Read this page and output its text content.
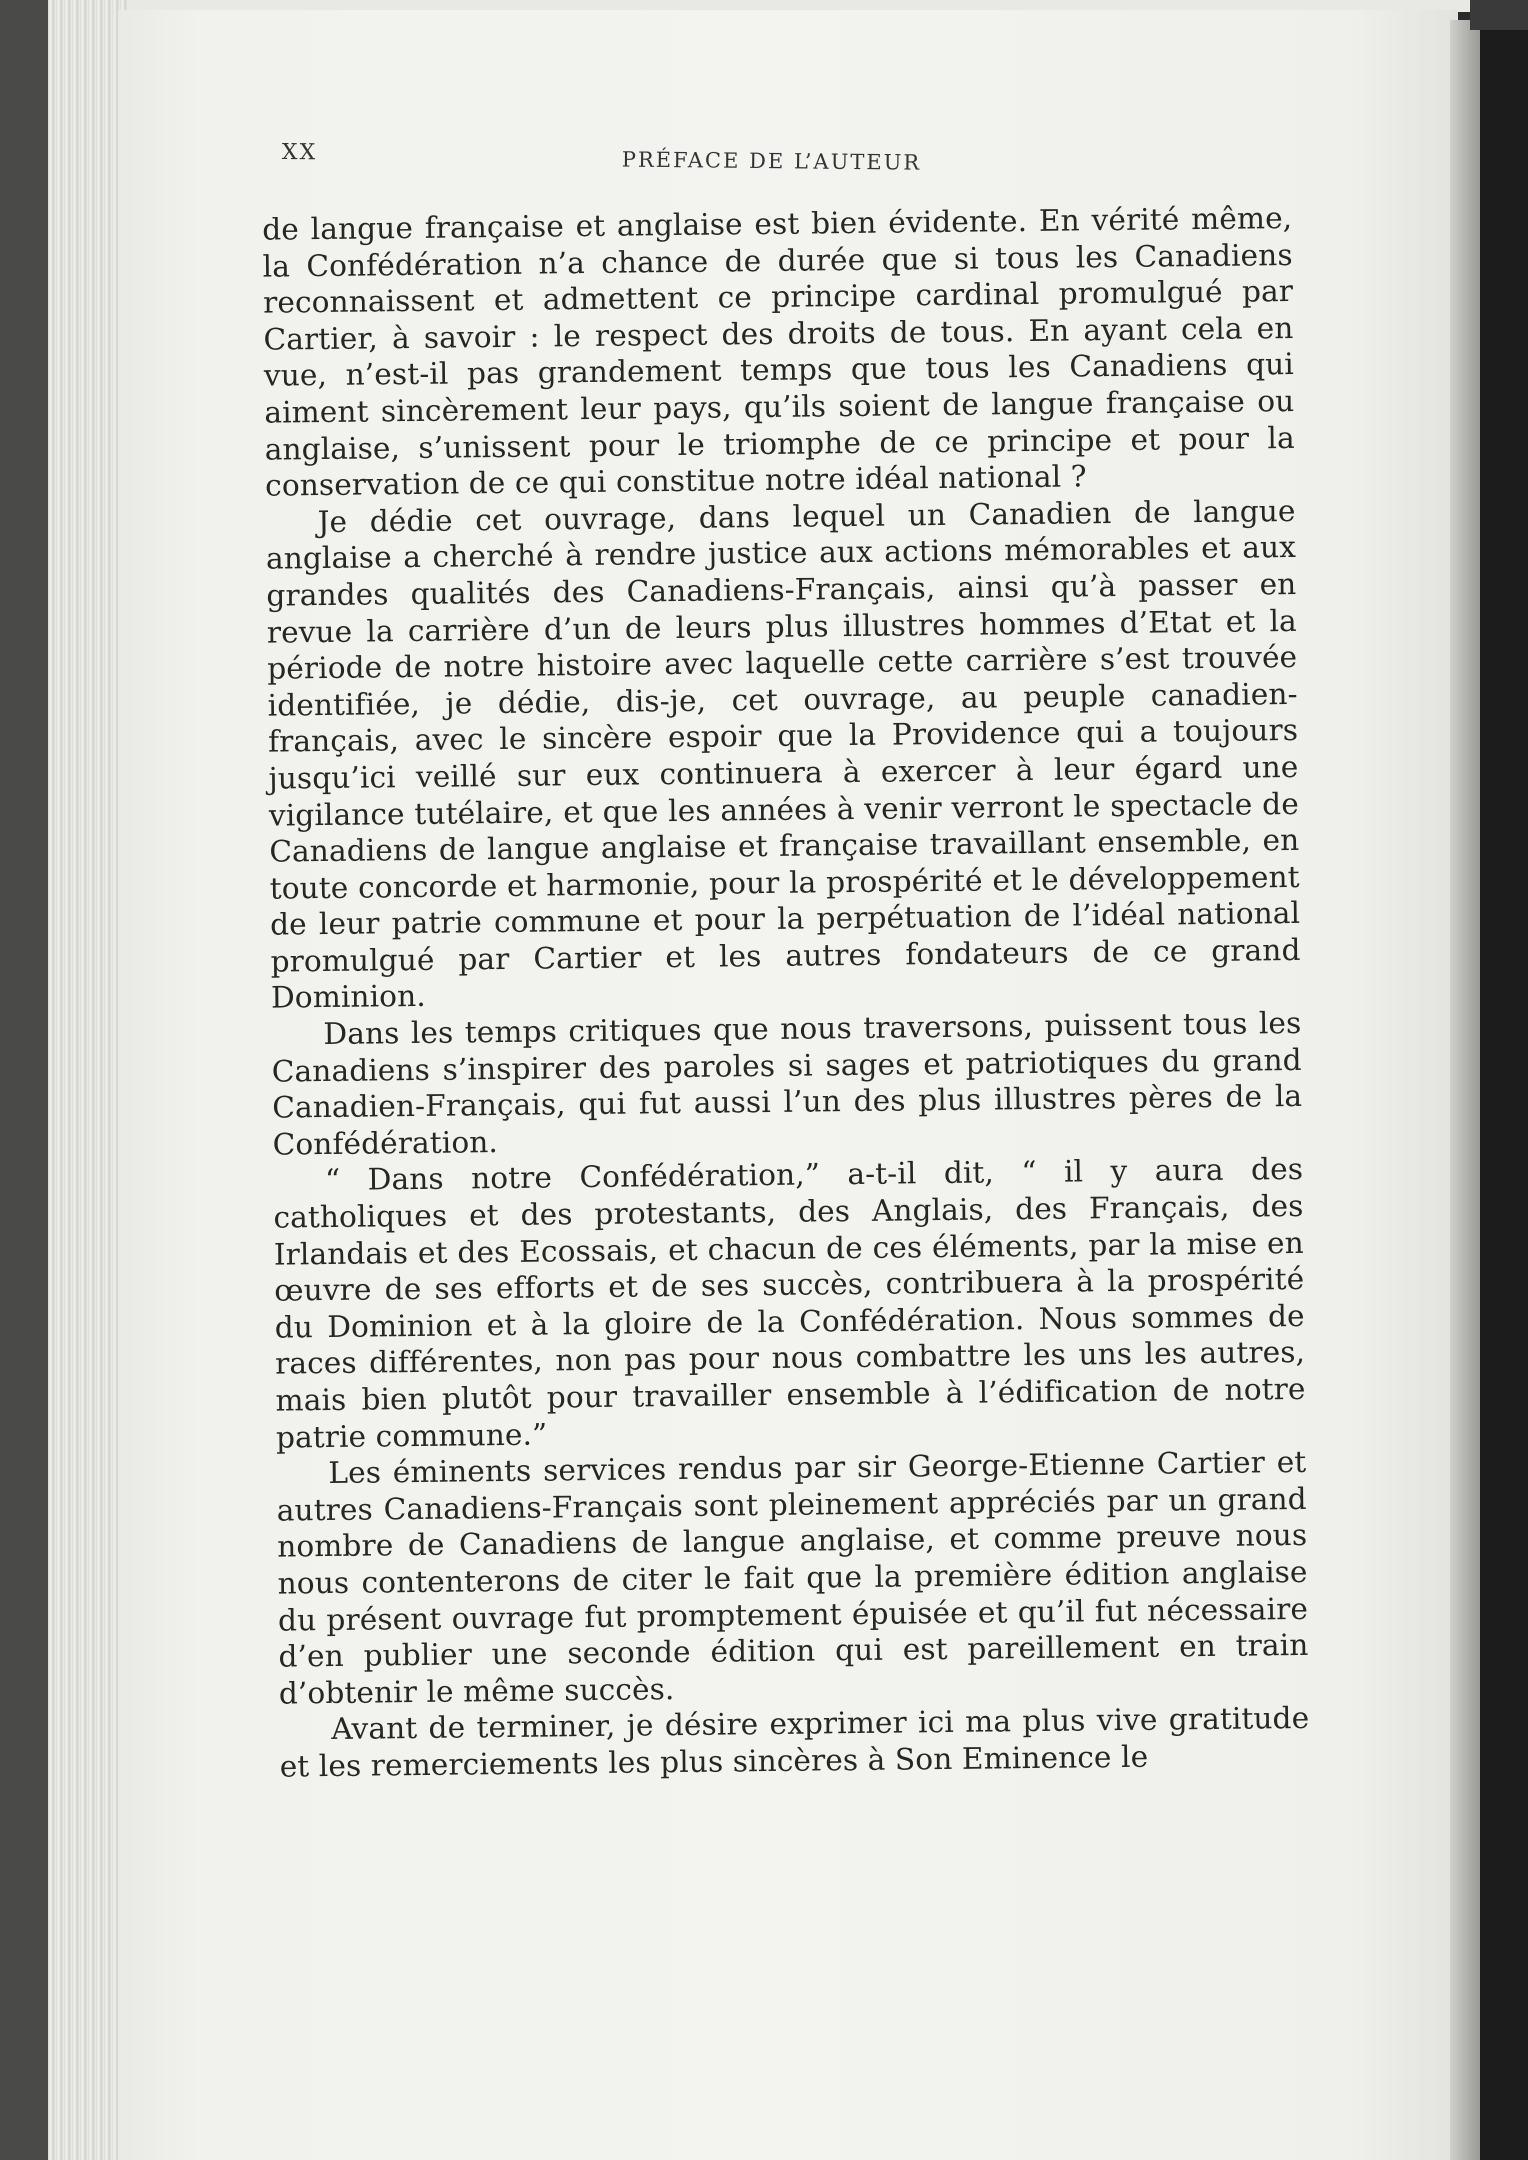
XX	PRÉFACE DE L’AUTEUR

de langue française et anglaise est bien évidente. En vérité même, la Confédération n’a chance de durée que si tous les Canadiens reconnaissent et admettent ce principe cardinal promulgué par Cartier, à savoir : le respect des droits de tous. En ayant cela en vue, n’est-il pas grandement temps que tous les Canadiens qui aiment sincèrement leur pays, qu’ils soient de langue française ou anglaise, s’unissent pour le triomphe de ce principe et pour la conservation de ce qui constitue notre idéal national ?

Je dédie cet ouvrage, dans lequel un Canadien de langue anglaise a cherché à rendre justice aux actions mémorables et aux grandes qualités des Canadiens-Français, ainsi qu’à passer en revue la carrière d’un de leurs plus illustres hommes d’Etat et la période de notre histoire avec laquelle cette carrière s’est trouvée identifiée, je dédie, dis-je, cet ouvrage, au peuple canadien-français, avec le sincère espoir que la Providence qui a toujours jusqu’ici veillé sur eux continuera à exercer à leur égard une vigilance tutélaire, et que les années à venir verront le spectacle de Canadiens de langue anglaise et française travaillant ensemble, en toute concorde et harmonie, pour la prospérité et le développement de leur patrie commune et pour la perpétuation de l’idéal national promulgué par Cartier et les autres fondateurs de ce grand Dominion.

Dans les temps critiques que nous traversons, puissent tous les Canadiens s’inspirer des paroles si sages et patriotiques du grand Canadien-Français, qui fut aussi l’un des plus illustres pères de la Confédération.

“ Dans notre Confédération,” a-t-il dit, “ il y aura des catholiques et des protestants, des Anglais, des Français, des Irlandais et des Ecossais, et chacun de ces éléments, par la mise en œuvre de ses efforts et de ses succès, contribuera à la prospérité du Dominion et à la gloire de la Confédération. Nous sommes de races différentes, non pas pour nous combattre les uns les autres, mais bien plutôt pour travailler ensemble à l’édification de notre patrie commune.”

Les éminents services rendus par sir George-Etienne Cartier et autres Canadiens-Français sont pleinement appréciés par un grand nombre de Canadiens de langue anglaise, et comme preuve nous nous contenterons de citer le fait que la première édition anglaise du présent ouvrage fut promptement épuisée et qu’il fut nécessaire d’en publier une seconde édition qui est pareillement en train d’obtenir le même succès.

Avant de terminer, je désire exprimer ici ma plus vive gratitude et les remerciements les plus sincères à Son Eminence le
